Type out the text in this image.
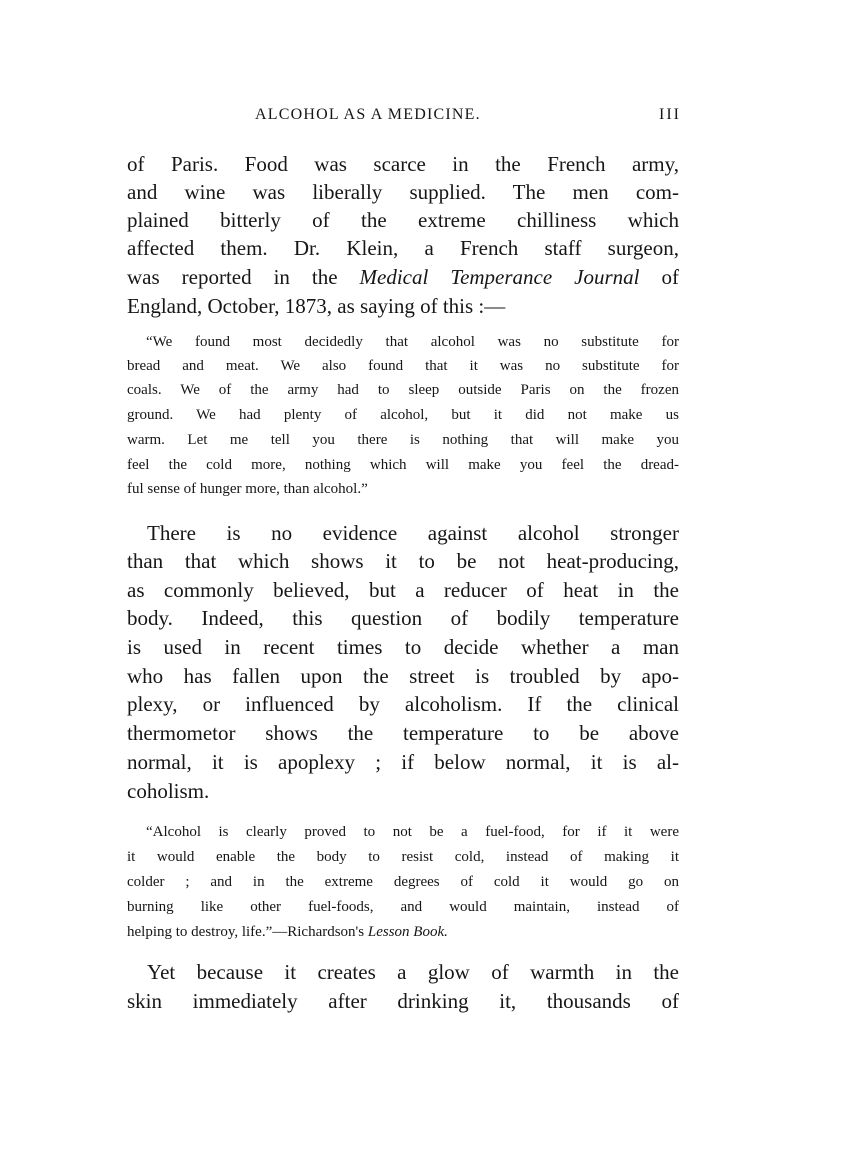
ALCOHOL AS A MEDICINE.	III
of Paris. Food was scarce in the French army,
and wine was liberally supplied. The men com-
plained bitterly of the extreme chilliness which
affected them. Dr. Klein, a French staff surgeon,
was reported in the Medical Temperance Journal of
England, October, 1873, as saying of this :—
“We found most decidedly that alcohol was no substitute for
bread and meat. We also found that it was no substitute for
coals. We of the army had to sleep outside Paris on the frozen
ground. We had plenty of alcohol, but it did not make us
warm. Let me tell you there is nothing that will make you
feel the cold more, nothing which will make you feel the dread-
ful sense of hunger more, than alcohol.”
There is no evidence against alcohol stronger
than that which shows it to be not heat-producing,
as commonly believed, but a reducer of heat in the
body. Indeed, this question of bodily temperature
is used in recent times to decide whether a man
who has fallen upon the street is troubled by apo-
plexy, or influenced by alcoholism. If the clinical
thermometor shows the temperature to be above
normal, it is apoplexy ; if below normal, it is al-
coholism.
“Alcohol is clearly proved to not be a fuel-food, for if it were
it would enable the body to resist cold, instead of making it
colder ; and in the extreme degrees of cold it would go on
burning like other fuel-foods, and would maintain, instead of
helping to destroy, life.”—Richardson's Lesson Book.
Yet because it creates a glow of warmth in the
skin immediately after drinking it, thousands of
